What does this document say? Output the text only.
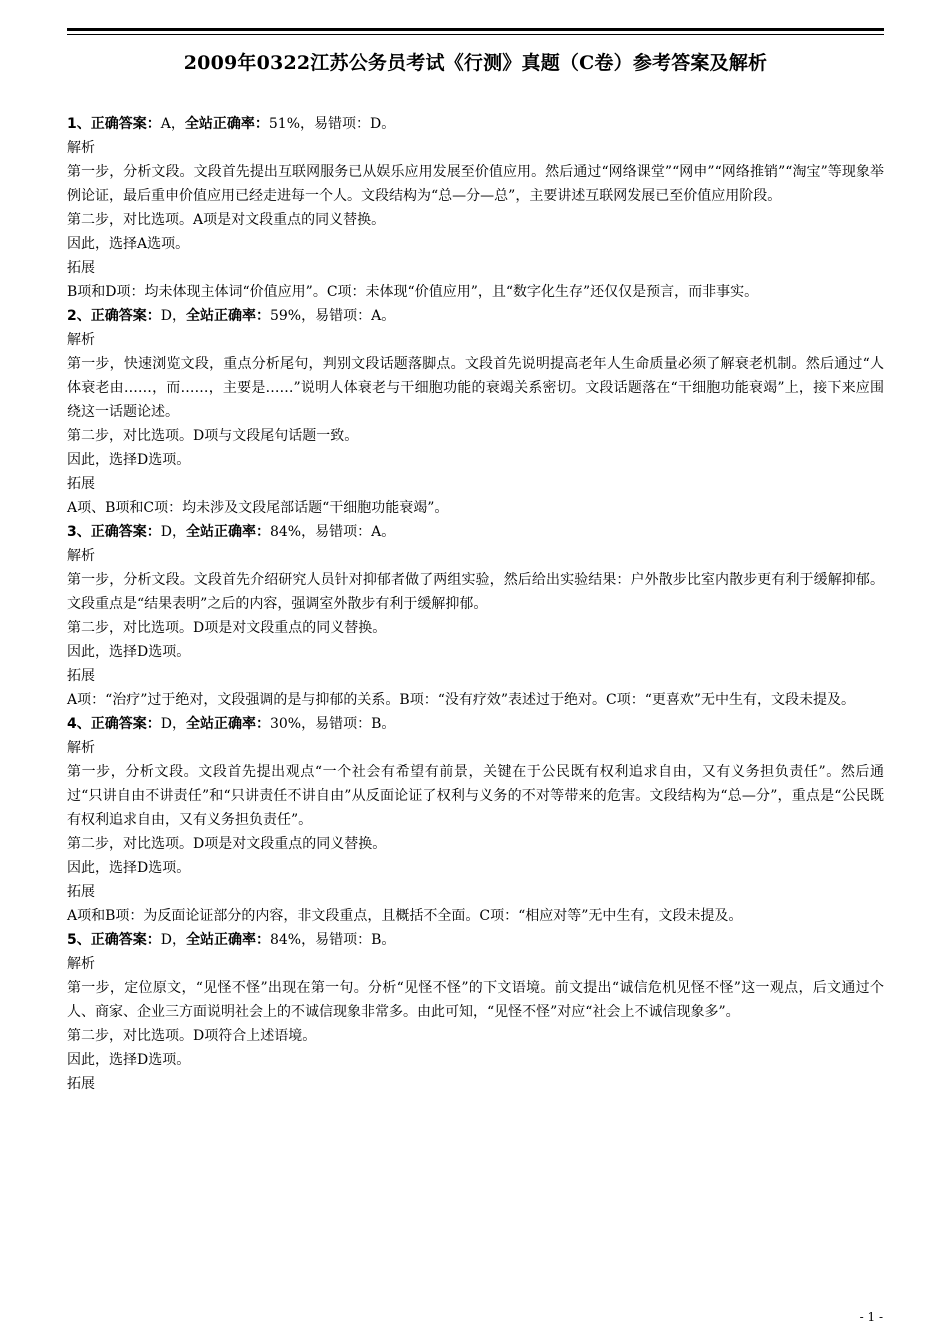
2009年0322江苏公务员考试《行测》真题（C卷）参考答案及解析

1、正确答案：A，全站正确率：51%，易错项：D。

解析

第一步，分析文段。文段首先提出互联网服务已从娱乐应用发展至价值应用。然后通过“网络课堂”“网申”“网络推销”“淘宝”等现象举例论证，最后重申价值应用已经走进每一个人。文段结构为“总—分—总”，主要讲述互联网发展已至价值应用阶段。

第二步，对比选项。A项是对文段重点的同义替换。

因此，选择A选项。

拓展

B项和D项：均未体现主体词“价值应用”。C项：未体现“价值应用”，且“数字化生存”还仅仅是预言，而非事实。

2、正确答案：D，全站正确率：59%，易错项：A。

解析

第一步，快速浏览文段，重点分析尾句，判别文段话题落脚点。文段首先说明提高老年人生命质量必须了解衰老机制。然后通过“人体衰老由……，而……，主要是……”说明人体衰老与干细胞功能的衰竭关系密切。文段话题落在“干细胞功能衰竭”上，接下来应围绕这一话题论述。

第二步，对比选项。D项与文段尾句话题一致。

因此，选择D选项。

拓展

A项、B项和C项：均未涉及文段尾部话题“干细胞功能衰竭”。

3、正确答案：D，全站正确率：84%，易错项：A。

解析

第一步，分析文段。文段首先介绍研究人员针对抑郁者做了两组实验，然后给出实验结果：户外散步比室内散步更有利于缓解抑郁。文段重点是“结果表明”之后的内容，强调室外散步有利于缓解抑郁。

第二步，对比选项。D项是对文段重点的同义替换。

因此，选择D选项。

拓展

A项：“治疗”过于绝对，文段强调的是与抑郁的关系。B项：“没有疗效”表述过于绝对。C项：“更喜欢”无中生有，文段未提及。

4、正确答案：D，全站正确率：30%，易错项：B。

解析

第一步，分析文段。文段首先提出观点“一个社会有希望有前景，关键在于公民既有权利追求自由，又有义务担负责任”。然后通过“只讲自由不讲责任”和“只讲责任不讲自由”从反面论证了权利与义务的不对等带来的危害。文段结构为“总—分”，重点是“公民既有权利追求自由，又有义务担负责任”。

第二步，对比选项。D项是对文段重点的同义替换。

因此，选择D选项。

拓展

A项和B项：为反面论证部分的内容，非文段重点，且概括不全面。C项：“相应对等”无中生有，文段未提及。

5、正确答案：D，全站正确率：84%，易错项：B。

解析

第一步，定位原文，“见怪不怪”出现在第一句。分析“见怪不怪”的下文语境。前文提出“诚信危机见怪不怪”这一观点，后文通过个人、商家、企业三方面说明社会上的不诚信现象非常多。由此可知，“见怪不怪”对应“社会上不诚信现象多”。

第二步，对比选项。D项符合上述语境。

因此，选择D选项。

拓展

- 1 -
